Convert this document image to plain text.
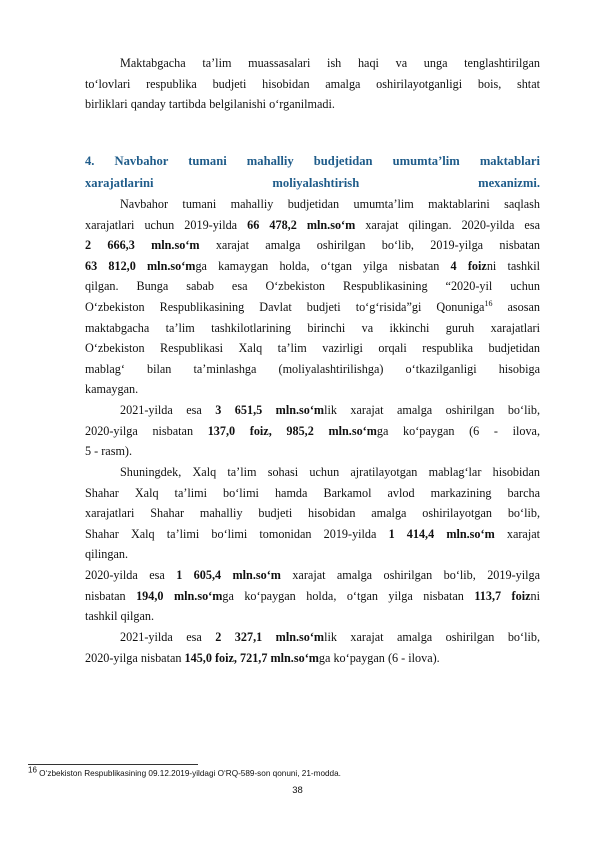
Maktabgacha ta’lim muassasalari ish haqi va unga tenglashtirilgan

to‘lovlari respublika budjeti hisobidan amalga oshirilayotganligi bois, shtat

birliklari qanday tartibda belgilanishi o‘rganilmadi.

4. Navbahor tumani mahalliy budjetidan umumta’lim maktablari

xarajatlarini moliyalashtirish mexanizmi.

Navbahor tumani mahalliy budjetidan umumta’lim maktablarini saqlash

xarajatlari uchun 2019-yilda 66 478,2 mln.so‘m xarajat qilingan. 2020-yilda esa

2 666,3 mln.so‘m xarajat amalga oshirilgan bo‘lib, 2019-yilga nisbatan

63 812,0 mln.so‘mga kamaygan holda, o‘tgan yilga nisbatan 4 foizni tashkil

qilgan. Bunga sabab esa O‘zbekiston Respublikasining “2020-yil uchun

O‘zbekiston Respublikasining Davlat budjeti to‘g‘risida”gi Qonuniga$^{16}$ asosan

maktabgacha ta’lim tashkilotlarining birinchi va ikkinchi guruh xarajatlari

O‘zbekiston Respublikasi Xalq ta’lim vazirligi orqali respublika budjetidan

mablag‘ bilan ta’minlashga (moliyalashtirilishga) o‘tkazilganligi hisobiga

kamaygan.

2021-yilda esa 3 651,5 mln.so‘mlik xarajat amalga oshirilgan bo‘lib,

2020-yilga nisbatan 137,0 foiz, 985,2 mln.so‘mga ko‘paygan (6 - ilova,

5 - rasm).

Shuningdek, Xalq ta’lim sohasi uchun ajratilayotgan mablag‘lar hisobidan

Shahar Xalq ta’limi bo‘limi hamda Barkamol avlod markazining barcha

xarajatlari Shahar mahalliy budjeti hisobidan amalga oshirilayotgan bo‘lib,

Shahar Xalq ta’limi bo‘limi tomonidan 2019-yilda 1 414,4 mln.so‘m xarajat

qilingan.

2020-yilda esa 1 605,4 mln.so‘m xarajat amalga oshirilgan bo‘lib, 2019-yilga

nisbatan 194,0 mln.so‘mga ko‘paygan holda, o‘tgan yilga nisbatan 113,7 foizni

tashkil qilgan.

2021-yilda esa 2 327,1 mln.so‘mlik xarajat amalga oshirilgan bo‘lib,

2020-yilga nisbatan 145,0 foiz, 721,7 mln.so‘mga ko‘paygan (6 - ilova).

$^{16}$ O‘zbekiston Respublikasining 09.12.2019-yildagi O‘RQ-589-son qonuni, 21-modda.
38
